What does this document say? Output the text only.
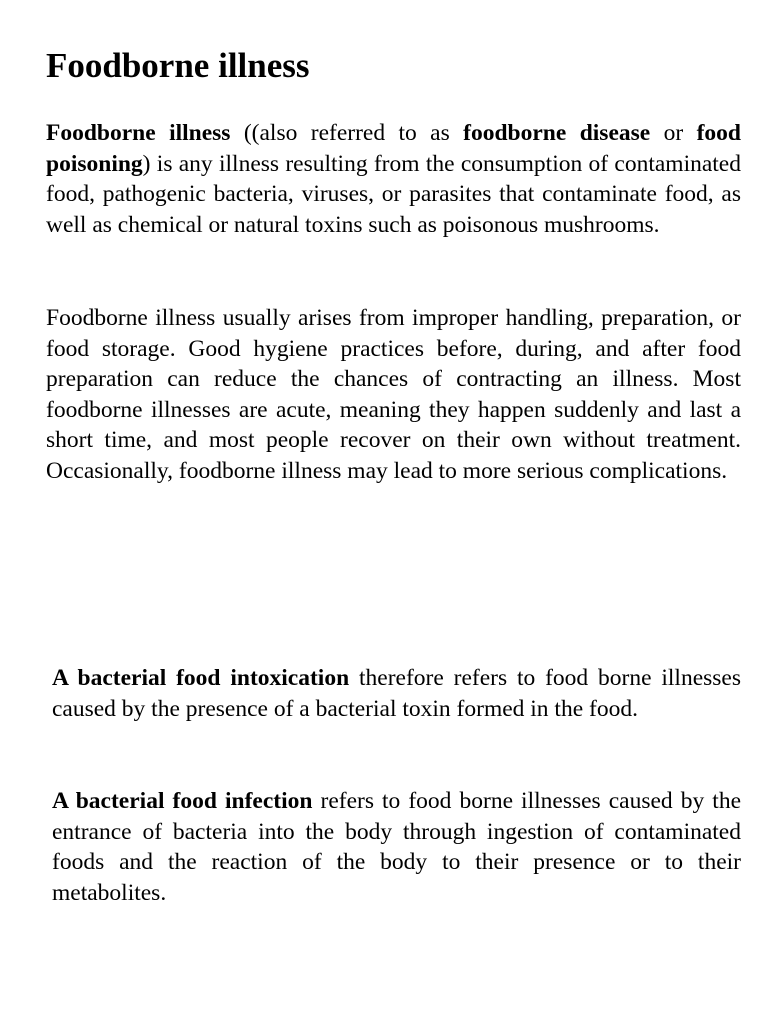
Foodborne illness

Foodborne illness ((also referred to as foodborne disease or food poisoning) is any illness resulting from the consumption of contaminated food, pathogenic bacteria, viruses, or parasites that contaminate food, as well as chemical or natural toxins such as poisonous mushrooms.

Foodborne illness usually arises from improper handling, preparation, or food storage. Good hygiene practices before, during, and after food preparation can reduce the chances of contracting an illness. Most foodborne illnesses are acute, meaning they happen suddenly and last a short time, and most people recover on their own without treatment. Occasionally, foodborne illness may lead to more serious complications.

A bacterial food intoxication therefore refers to food borne illnesses caused by the presence of a bacterial toxin formed in the food.

A bacterial food infection refers to food borne illnesses caused by the entrance of bacteria into the body through ingestion of contaminated foods and the reaction of the body to their presence or to their metabolites.
